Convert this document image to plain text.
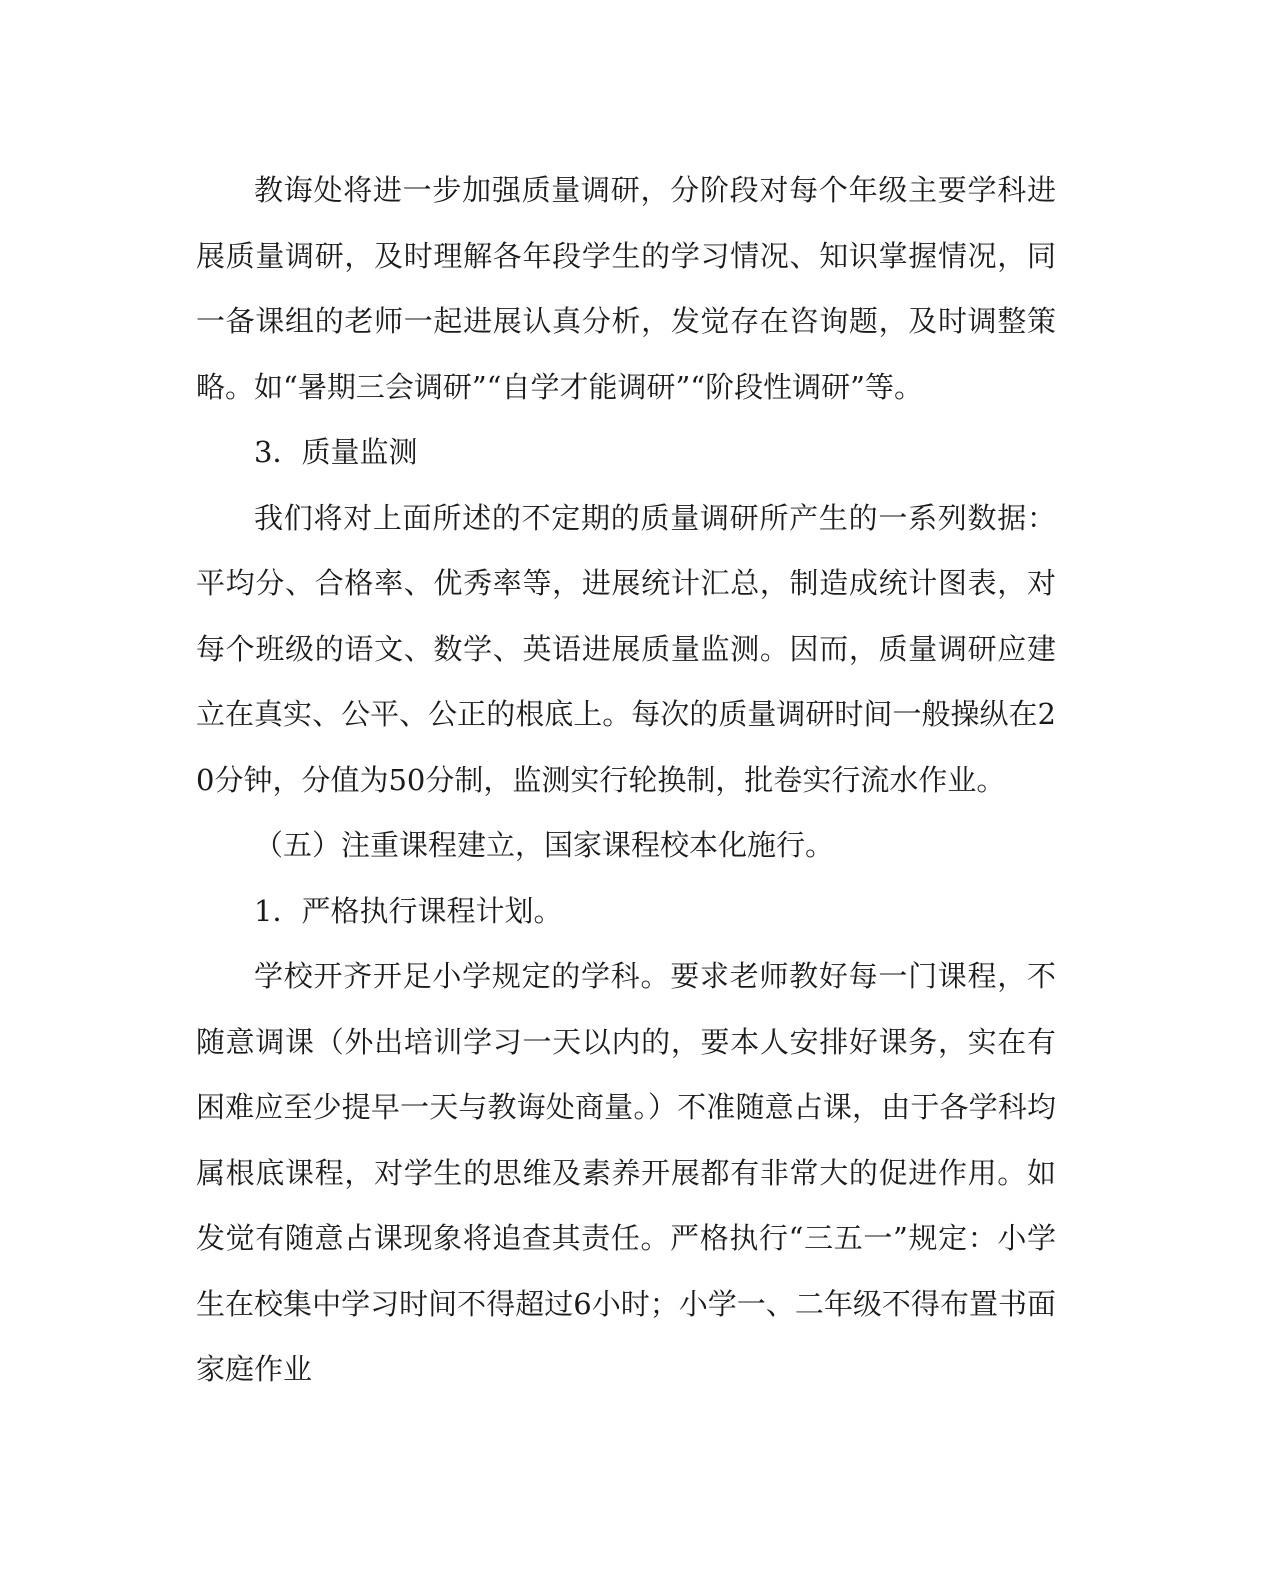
教诲处将进一步加强质量调研，分阶段对每个年级主要学科进展质量调研，及时理解各年段学生的学习情况、知识掌握情况，同一备课组的老师一起进展认真分析，发觉存在咨询题，及时调整策略。如“暑期三会调研”“自学才能调研”“阶段性调研”等。

3．质量监测

我们将对上面所述的不定期的质量调研所产生的一系列数据：平均分、合格率、优秀率等，进展统计汇总，制造成统计图表，对每个班级的语文、数学、英语进展质量监测。因而，质量调研应建立在真实、公平、公正的根底上。每次的质量调研时间一般操纵在20分钟，分值为50分制，监测实行轮换制，批卷实行流水作业。

（五）注重课程建立，国家课程校本化施行。

1．严格执行课程计划。

学校开齐开足小学规定的学科。要求老师教好每一门课程，不随意调课（外出培训学习一天以内的，要本人安排好课务，实在有困难应至少提早一天与教诲处商量。）不准随意占课，由于各学科均属根底课程，对学生的思维及素养开展都有非常大的促进作用。如发觉有随意占课现象将追查其责任。严格执行“三五一”规定：小学生在校集中学习时间不得超过6小时；小学一、二年级不得布置书面家庭作业
